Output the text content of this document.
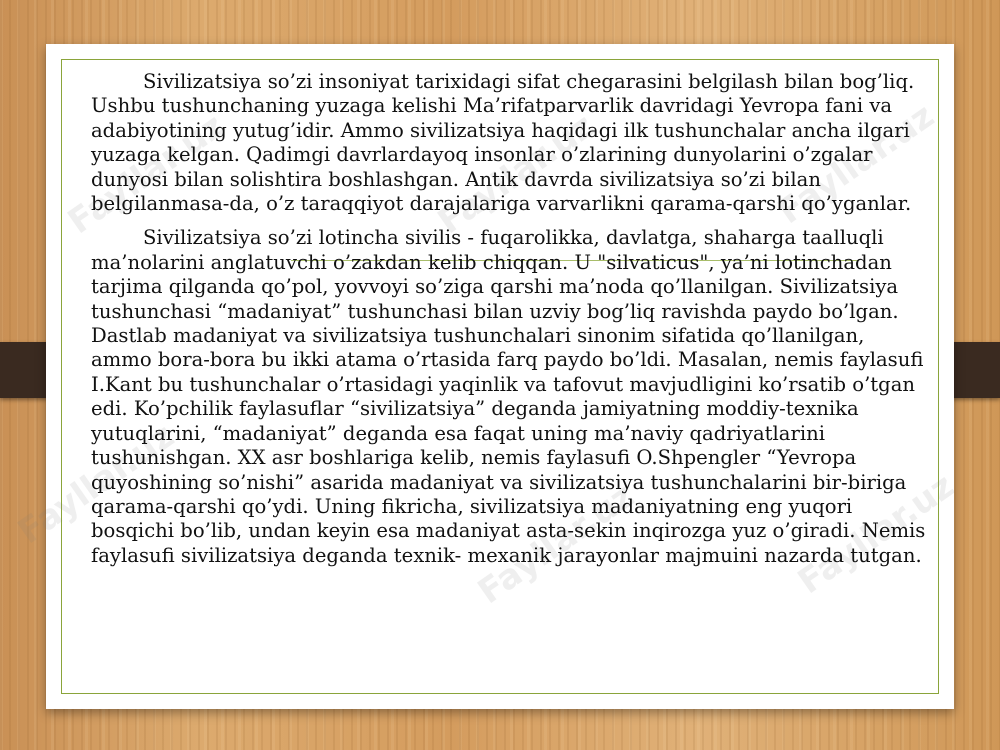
Fayllar.uz	Fayllar.uz	Fayllar.uz
Fayllar.uz	Fayllar.uz	Fayllar.uz

Sivilizatsiya so’zi insoniyat tarixidagi sifat chegarasini belgilash bilan bog’liq. Ushbu tushunchaning yuzaga kelishi Ma’rifatparvarlik davridagi Yevropa fani va adabiyotining yutug’idir. Ammo sivilizatsiya haqidagi ilk tushunchalar ancha ilgari yuzaga kelgan. Qadimgi davrlardayoq insonlar o’zlarining dunyolarini o’zgalar dunyosi bilan solishtira boshlashgan. Antik davrda sivilizatsiya so’zi bilan belgilanmasa-da, o’z taraqqiyot darajalariga varvarlikni qarama-qarshi qo’yganlar.

Sivilizatsiya so’zi lotincha sivilis - fuqarolikka, davlatga, shaharga taalluqli ma’nolarini anglatuvchi o’zakdan kelib chiqqan. U "silvaticus", ya’ni lotinchadan tarjima qilganda qo’pol, yovvoyi so’ziga qarshi ma’noda qo’llanilgan. Sivilizatsiya tushunchasi “madaniyat” tushunchasi bilan uzviy bog’liq ravishda paydo bo’lgan. Dastlab madaniyat va sivilizatsiya tushunchalari sinonim sifatida qo’llanilgan, ammo bora-bora bu ikki atama o’rtasida farq paydo bo’ldi. Masalan, nemis faylasufi I.Kant bu tushunchalar o’rtasidagi yaqinlik va tafovut mavjudligini ko’rsatib o’tgan edi. Ko’pchilik faylasuflar “sivilizatsiya” deganda jamiyatning moddiy-texnika yutuqlarini, “madaniyat” deganda esa faqat uning ma’naviy qadriyatlarini tushunishgan. XX asr boshlariga kelib, nemis faylasufi O.Shpengler “Yevropa quyoshining so’nishi” asarida madaniyat va sivilizatsiya tushunchalarini bir-biriga qarama-qarshi qo’ydi. Uning fikricha, sivilizatsiya madaniyatning eng yuqori bosqichi bo’lib, undan keyin esa madaniyat asta-sekin inqirozga yuz o’giradi. Nemis faylasufi sivilizatsiya deganda texnik- mexanik jarayonlar majmuini nazarda tutgan.
